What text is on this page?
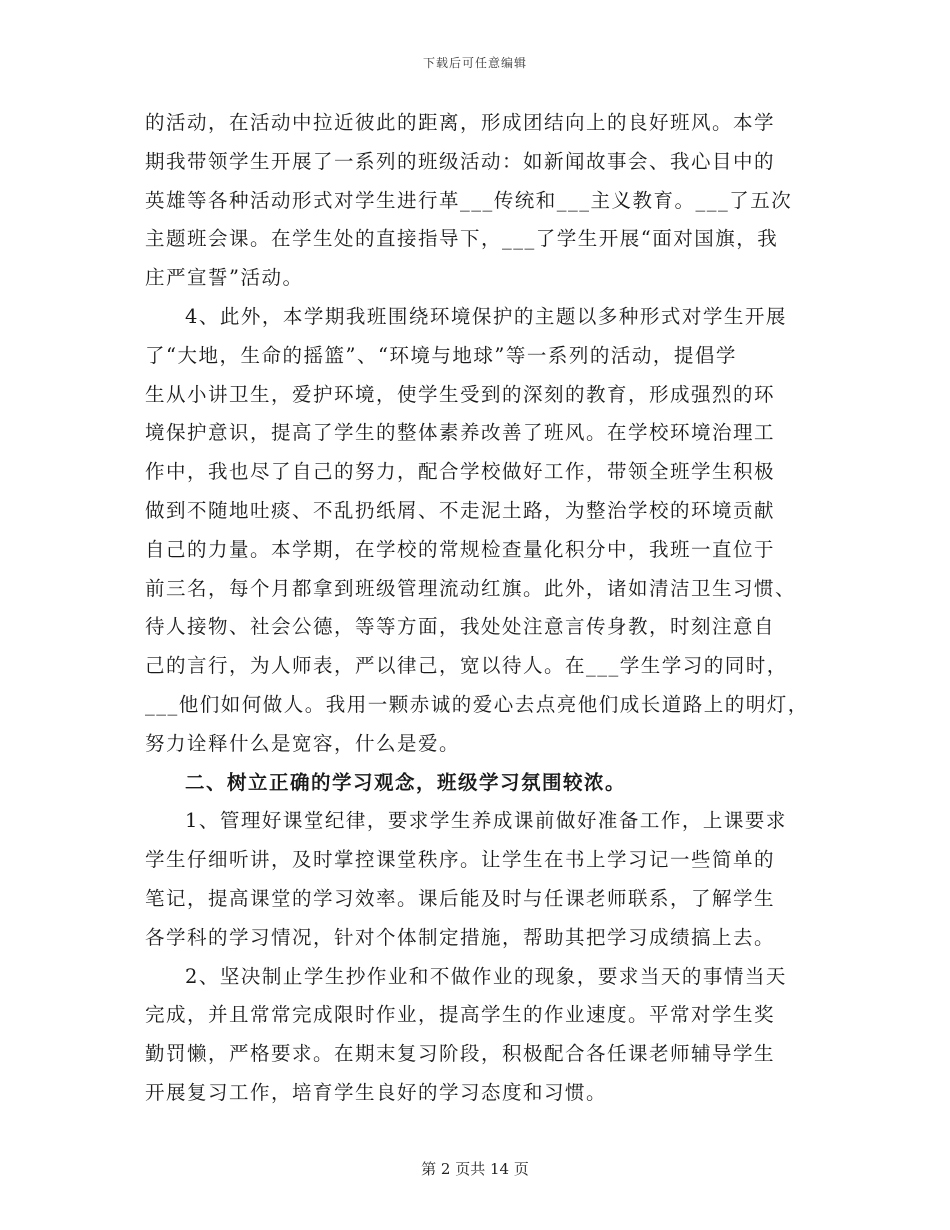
下载后可任意编辑
的活动，在活动中拉近彼此的距离，形成团结向上的良好班风。本学
期我带领学生开展了一系列的班级活动：如新闻故事会、我心目中的
英雄等各种活动形式对学生进行革___传统和___主义教育。___了五次
主题班会课。在学生处的直接指导下，___了学生开展“面对国旗，我
庄严宣誓”活动。
4、此外，本学期我班围绕环境保护的主题以多种形式对学生开展
了“大地，生命的摇篮”、“环境与地球”等一系列的活动，提倡学
生从小讲卫生，爱护环境，使学生受到的深刻的教育，形成强烈的环
境保护意识，提高了学生的整体素养改善了班风。在学校环境治理工
作中，我也尽了自己的努力，配合学校做好工作，带领全班学生积极
做到不随地吐痰、不乱扔纸屑、不走泥土路，为整治学校的环境贡献
自己的力量。本学期，在学校的常规检查量化积分中，我班一直位于
前三名，每个月都拿到班级管理流动红旗。此外，诸如清洁卫生习惯、
待人接物、社会公德，等等方面，我处处注意言传身教，时刻注意自
己的言行，为人师表，严以律己，宽以待人。在___学生学习的同时，
___他们如何做人。我用一颗赤诚的爱心去点亮他们成长道路上的明灯，
努力诠释什么是宽容，什么是爱。
二、树立正确的学习观念，班级学习氛围较浓。
1、管理好课堂纪律，要求学生养成课前做好准备工作，上课要求
学生仔细听讲，及时掌控课堂秩序。让学生在书上学习记一些简单的
笔记，提高课堂的学习效率。课后能及时与任课老师联系，了解学生
各学科的学习情况，针对个体制定措施，帮助其把学习成绩搞上去。
2、坚决制止学生抄作业和不做作业的现象，要求当天的事情当天
完成，并且常常完成限时作业，提高学生的作业速度。平常对学生奖
勤罚懒，严格要求。在期末复习阶段，积极配合各任课老师辅导学生
开展复习工作，培育学生良好的学习态度和习惯。
第 2 页共 14 页
